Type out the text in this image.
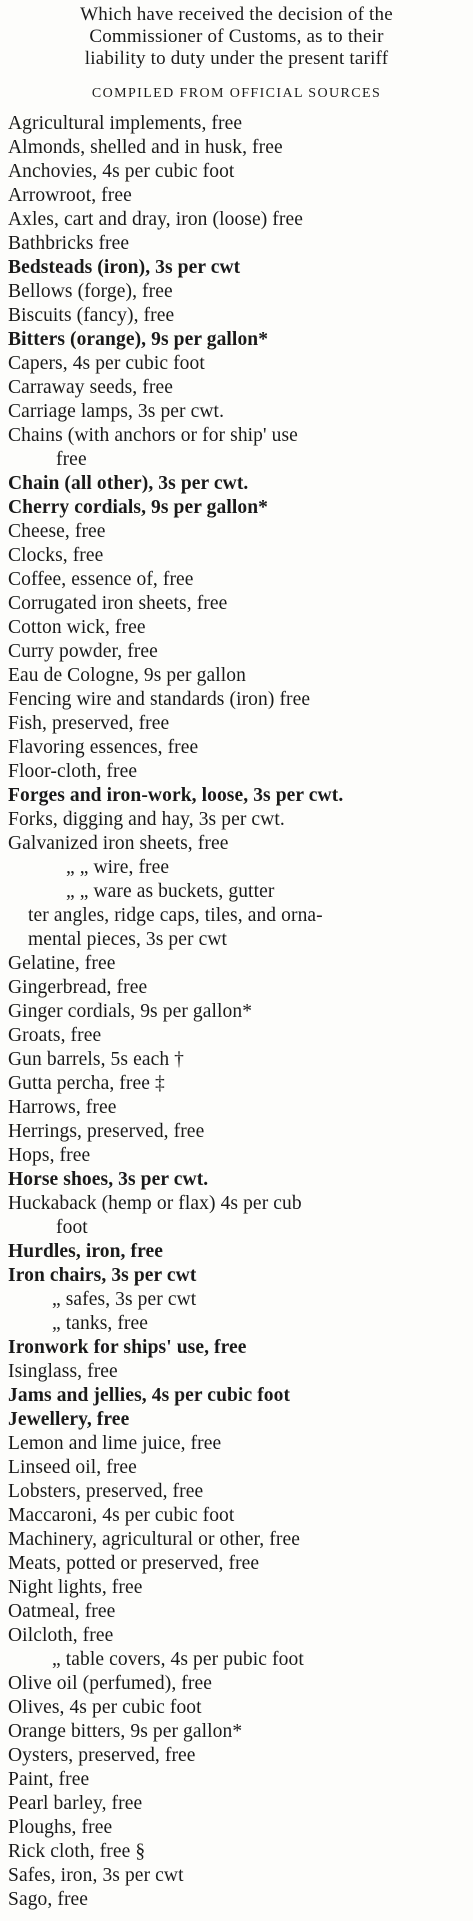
Which have received the decision of the
Commissioner of Customs, as to their
liability to duty under the present tariff
COMPILED FROM OFFICIAL SOURCES
Agricultural implements, free
Almonds, shelled and in husk, free
Anchovies, 4s per cubic foot
Arrowroot, free
Axles, cart and dray, iron (loose) free
Bathbricks free
Bedsteads (iron), 3s per cwt
Bellows (forge), free
Biscuits (fancy), free
Bitters (orange), 9s per gallon*
Capers, 4s per cubic foot
Carraway seeds, free
Carriage lamps, 3s per cwt.
Chains (with anchors or for ship' use
free
Chain (all other), 3s per cwt.
Cherry cordials, 9s per gallon*
Cheese, free
Clocks, free
Coffee, essence of, free
Corrugated iron sheets, free
Cotton wick, free
Curry powder, free
Eau de Cologne, 9s per gallon
Fencing wire and standards (iron) free
Fish, preserved, free
Flavoring essences, free
Floor-cloth, free
Forges and iron-work, loose, 3s per cwt.
Forks, digging and hay, 3s per cwt.
Galvanized iron sheets, free
„ „ wire, free
„ „ ware as buckets, gutter
ter angles, ridge caps, tiles, and orna-
mental pieces, 3s per cwt
Gelatine, free
Gingerbread, free
Ginger cordials, 9s per gallon*
Groats, free
Gun barrels, 5s each †
Gutta percha, free ‡
Harrows, free
Herrings, preserved, free
Hops, free
Horse shoes, 3s per cwt.
Huckaback (hemp or flax) 4s per cub
foot
Hurdles, iron, free
Iron chairs, 3s per cwt
„ safes, 3s per cwt
„ tanks, free
Ironwork for ships' use, free
Isinglass, free
Jams and jellies, 4s per cubic foot
Jewellery, free
Lemon and lime juice, free
Linseed oil, free
Lobsters, preserved, free
Maccaroni, 4s per cubic foot
Machinery, agricultural or other, free
Meats, potted or preserved, free
Night lights, free
Oatmeal, free
Oilcloth, free
„ table covers, 4s per pubic foot
Olive oil (perfumed), free
Olives, 4s per cubic foot
Orange bitters, 9s per gallon*
Oysters, preserved, free
Paint, free
Pearl barley, free
Ploughs, free
Rick cloth, free §
Safes, iron, 3s per cwt
Sago, free
